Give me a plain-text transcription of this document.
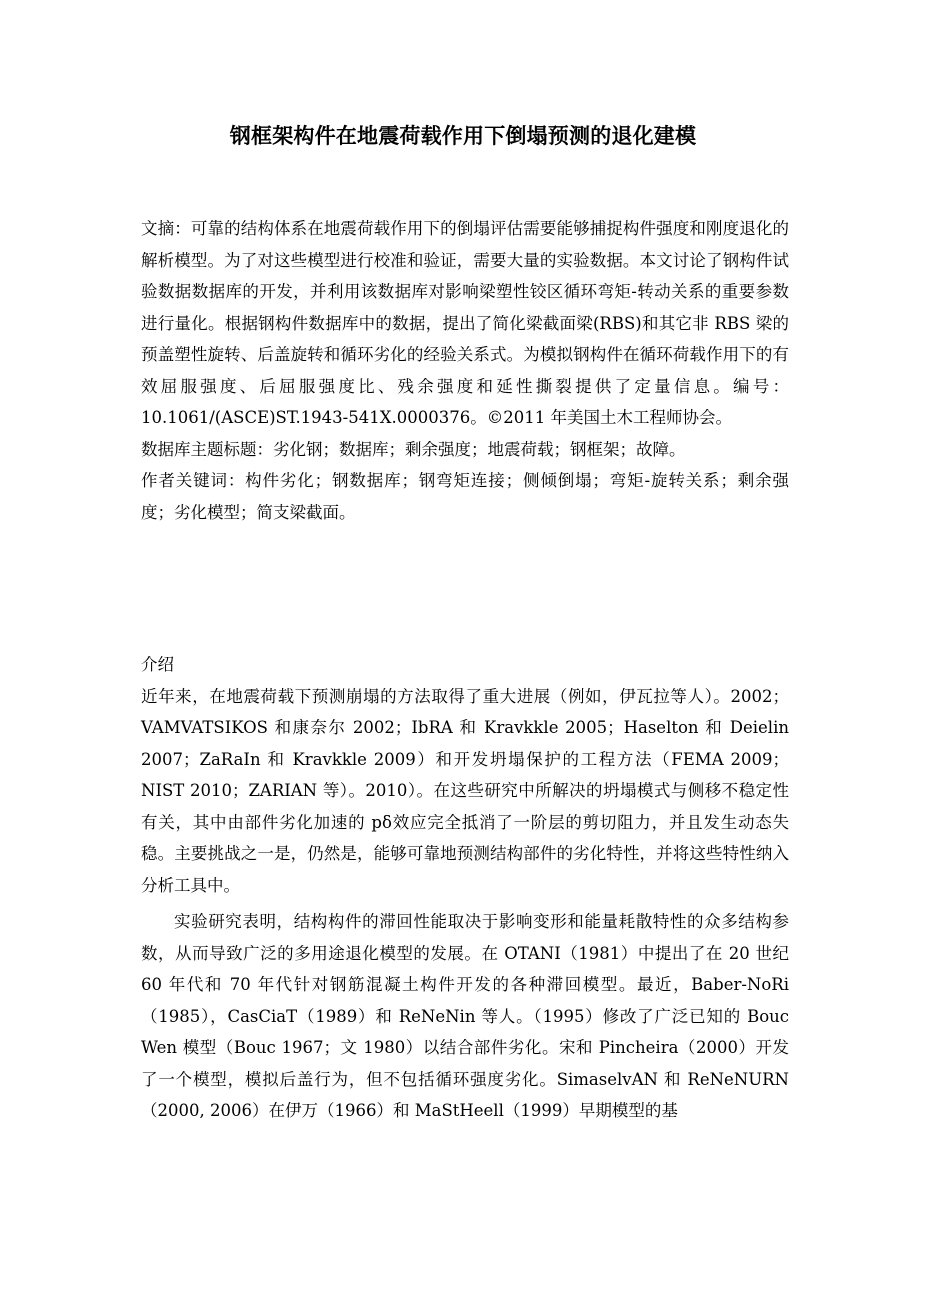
钢框架构件在地震荷载作用下倒塌预测的退化建模

文摘：可靠的结构体系在地震荷载作用下的倒塌评估需要能够捕捉构件强度和刚度退化的解析模型。为了对这些模型进行校准和验证，需要大量的实验数据。本文讨论了钢构件试验数据数据库的开发，并利用该数据库对影响梁塑性铰区循环弯矩-转动关系的重要参数进行量化。根据钢构件数据库中的数据，提出了简化梁截面梁(RBS)和其它非 RBS 梁的预盖塑性旋转、后盖旋转和循环劣化的经验关系式。为模拟钢构件在循环荷载作用下的有效屈服强度、后屈服强度比、残余强度和延性撕裂提供了定量信息。编号：10.1061/(ASCE)ST.1943-541X.0000376。©2011 年美国土木工程师协会。

数据库主题标题：劣化钢；数据库；剩余强度；地震荷载；钢框架；故障。

作者关键词：构件劣化；钢数据库；钢弯矩连接；侧倾倒塌；弯矩-旋转关系；剩余强度；劣化模型；简支梁截面。

介绍

近年来，在地震荷载下预测崩塌的方法取得了重大进展（例如，伊瓦拉等人）。2002；VAMVATSIKOS 和康奈尔 2002；IbRA 和 Kravkkle 2005；Haselton 和 Deielin 2007；ZaRaIn 和 Kravkkle 2009）和开发坍塌保护的工程方法（FEMA 2009；NIST 2010；ZARIAN 等）。2010）。在这些研究中所解决的坍塌模式与侧移不稳定性有关，其中由部件劣化加速的 pδ效应完全抵消了一阶层的剪切阻力，并且发生动态失稳。主要挑战之一是，仍然是，能够可靠地预测结构部件的劣化特性，并将这些特性纳入分析工具中。

实验研究表明，结构构件的滞回性能取决于影响变形和能量耗散特性的众多结构参数，从而导致广泛的多用途退化模型的发展。在 OTANI（1981）中提出了在 20 世纪 60 年代和 70 年代针对钢筋混凝土构件开发的各种滞回模型。最近，Baber-NoRi（1985），CasCiaT（1989）和 ReNeNin 等人。（1995）修改了广泛已知的 Bouc Wen 模型（Bouc 1967；文 1980）以结合部件劣化。宋和 Pincheira（2000）开发了一个模型，模拟后盖行为，但不包括循环强度劣化。SimaselvAN 和 ReNeNURN（2000, 2006）在伊万（1966）和 MaStHeell（1999）早期模型的基
